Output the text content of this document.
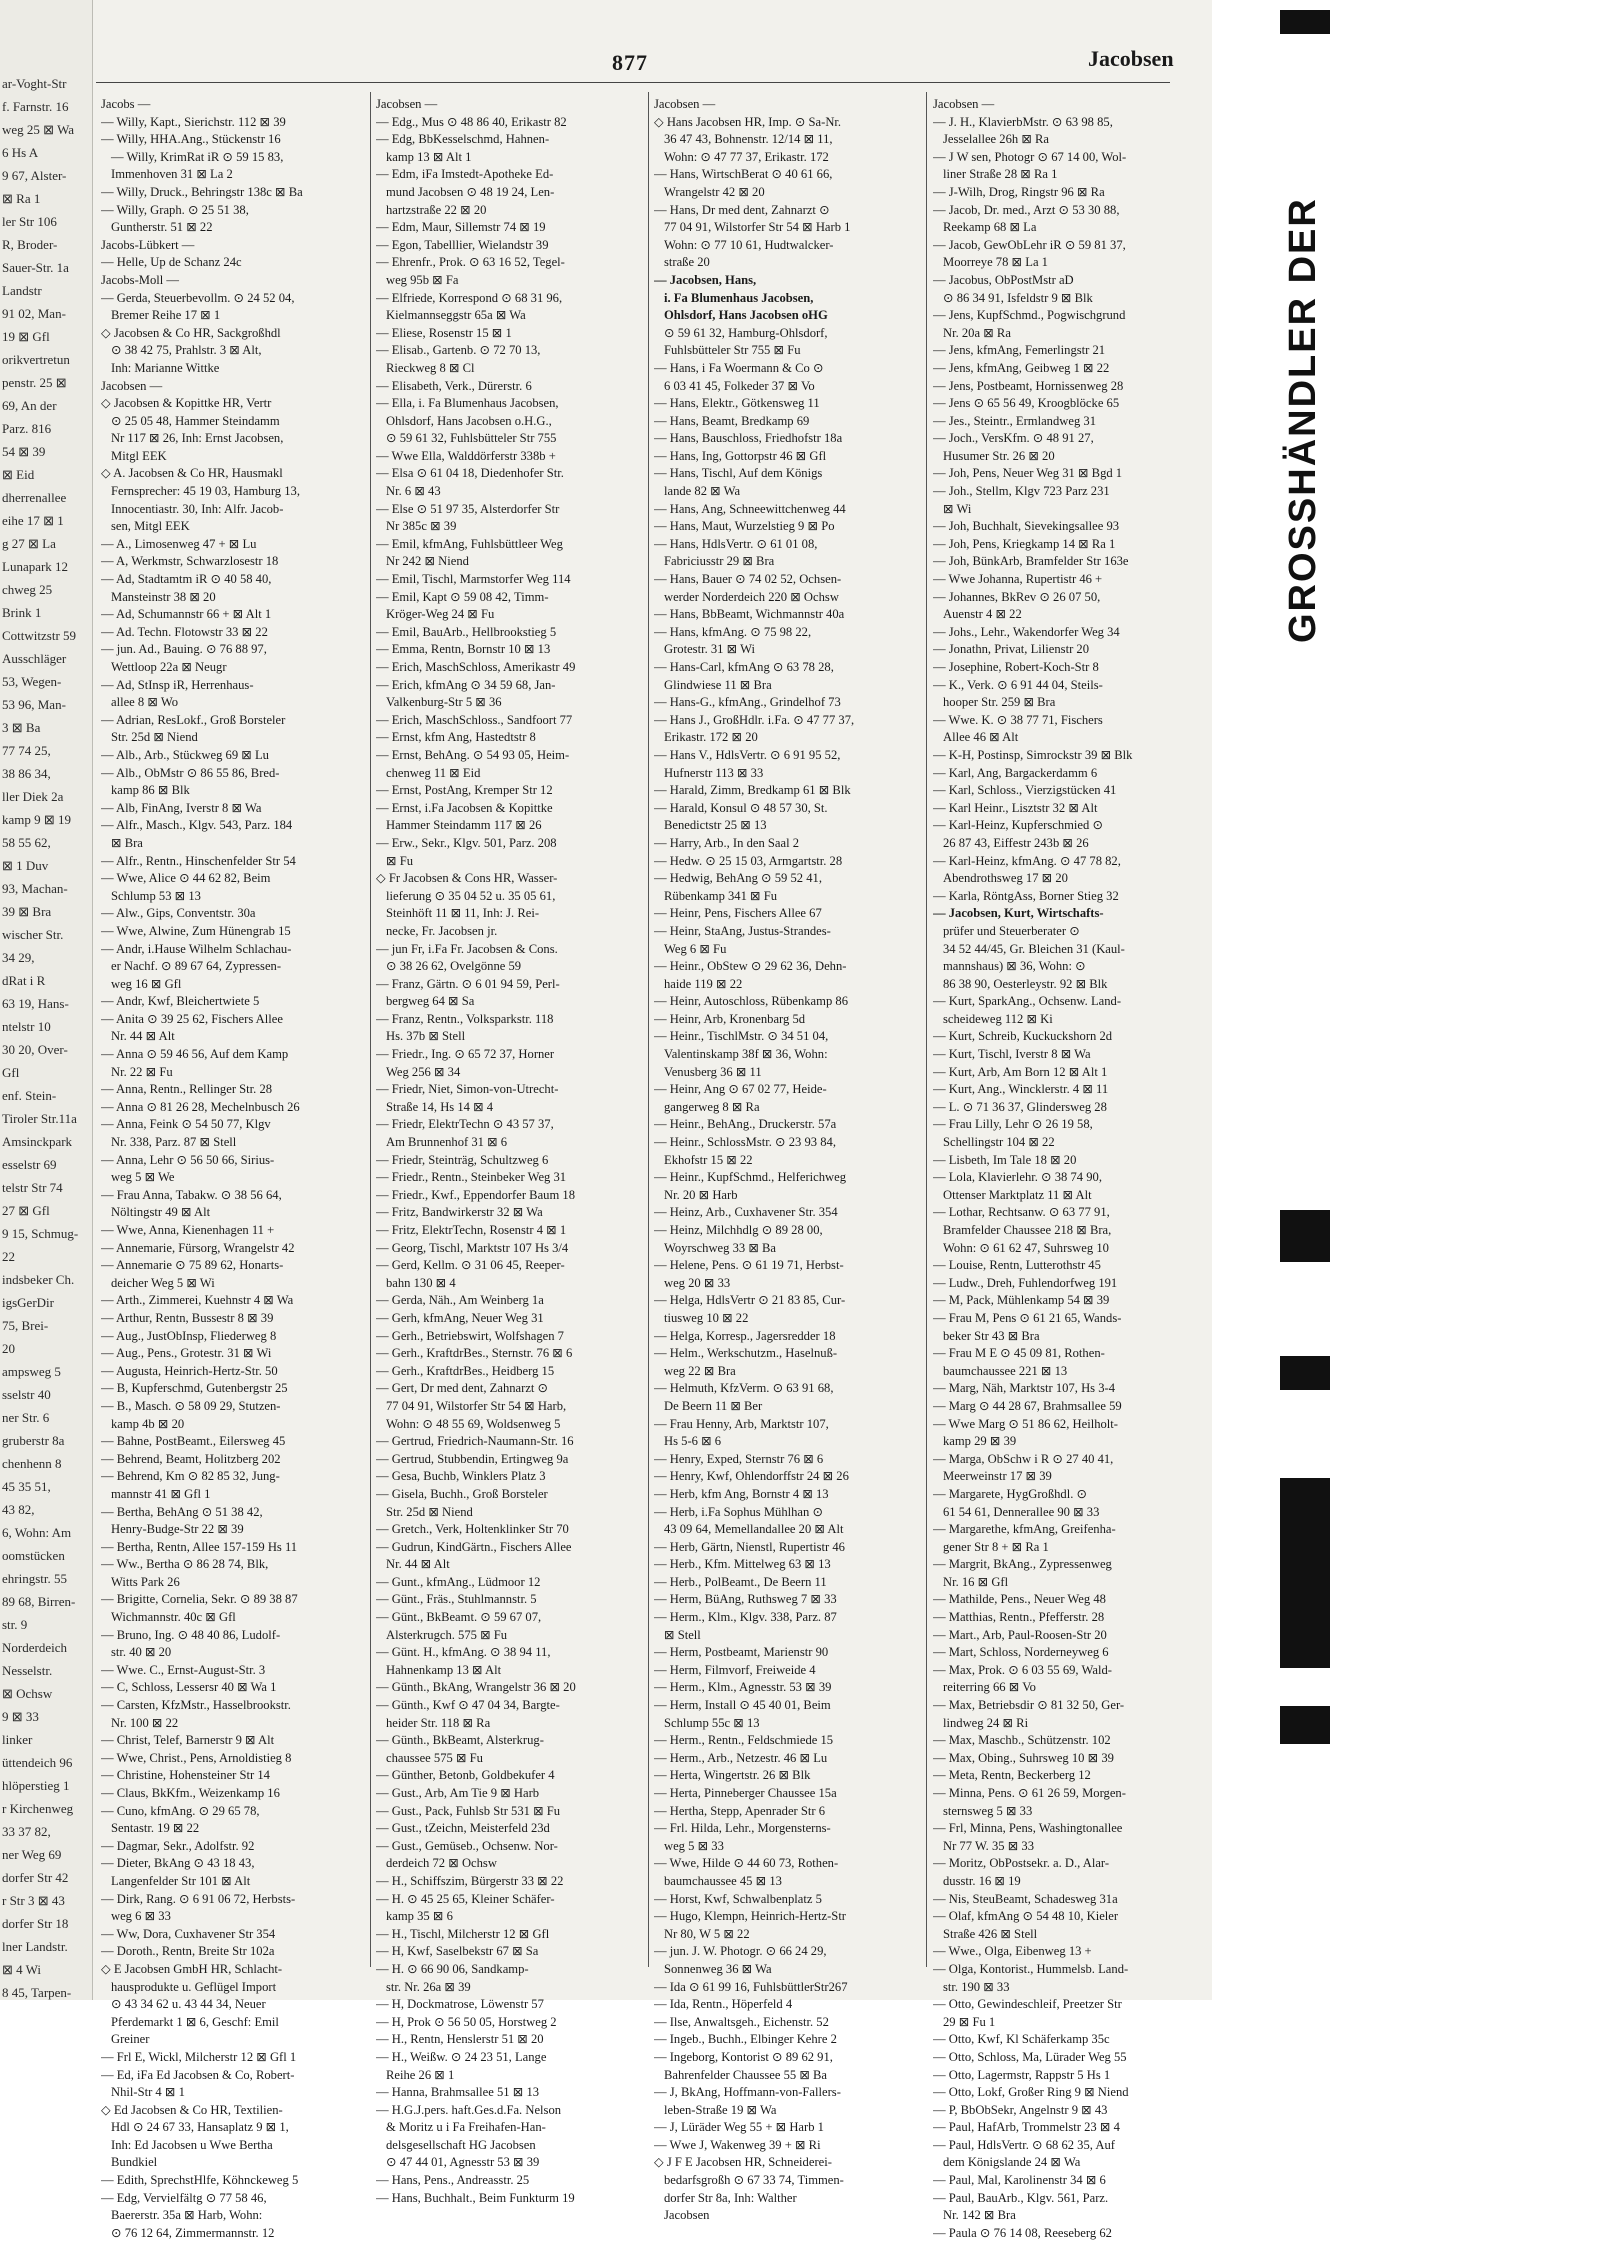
ar-Voght-Str
f. Farnstr. 16
weg 25 ⊠ Wa
6 Hs A
9 67, Alster-
⊠ Ra 1
ler Str 106
R, Broder-
Sauer-Str. 1a
Landstr
91 02, Man-
19 ⊠ Gfl
orikvertretun
penstr. 25 ⊠
69, An der
Parz. 816
54 ⊠ 39
⊠ Eid
dherrenallee
eihe 17 ⊠ 1
g 27 ⊠ La
Lunapark 12
chweg 25
Brink 1
Cottwitzstr 59
Ausschläger
53, Wegen-
53 96, Man-
3 ⊠ Ba
77 74 25,
38 86 34,
ller Diek 2a
kamp 9 ⊠ 19
58 55 62,
⊠ 1 Duv
93, Machan-
39 ⊠ Bra
wischer Str.
34 29,
dRat i R
63 19, Hans-
ntelstr 10
30 20, Over-
Gfl
enf. Stein-
Tiroler Str.11a
Amsinckpark
esselstr 69
telstr Str 74
27 ⊠ Gfl
9 15, Schmug-
22
indsbeker Ch.
igsGerDir
75, Brei-
20
ampsweg 5
sselstr 40
ner Str. 6
gruberstr 8a
chenhenn 8
45 35 51,
43 82,
6, Wohn: Am
oomstücken
ehringstr. 55
89 68, Birren-
str. 9
Norderdeich
Nesselstr.
⊠ Ochsw
9 ⊠ 33
linker
üttendeich 96
hlöperstieg 1
r Kirchenweg
33 37 82,
ner Weg 69
dorfer Str 42
r Str 3 ⊠ 43
dorfer Str 18
lner Landstr.
⊠ 4 Wi
8 45, Tarpen-
877	Jacobsen
Jacobs —
— Willy, Kapt., Sierichstr. 112 ⊠ 39
— Willy, HHA.Ang., Stückenstr 16
— Willy, KrimRat iR ⊙ 59 15 83,
Immenhoven 31 ⊠ La 2
— Willy, Druck., Behringstr 138c ⊠ Ba
— Willy, Graph. ⊙ 25 51 38,
Guntherstr. 51 ⊠ 22
Jacobs-Lübkert —
— Helle, Up de Schanz 24c
Jacobs-Moll —
— Gerda, Steuerbevollm. ⊙ 24 52 04,
Bremer Reihe 17 ⊠ 1
◇ Jacobsen & Co HR, Sackgroßhdl
⊙ 38 42 75, Prahlstr. 3 ⊠ Alt,
Inh: Marianne Wittke
Jacobsen —
◇ Jacobsen & Kopittke HR, Vertr
⊙ 25 05 48, Hammer Steindamm
Nr 117 ⊠ 26, Inh: Ernst Jacobsen,
Mitgl EEK
◇ A. Jacobsen & Co HR, Hausmakl
Fernsprecher: 45 19 03, Hamburg 13,
Innocentiastr. 30, Inh: Alfr. Jacob-
sen, Mitgl EEK
— A., Limosenweg 47 + ⊠ Lu
— A, Werkmstr, Schwarzlosestr 18
— Ad, Stadtamtm iR ⊙ 40 58 40,
Mansteinstr 38 ⊠ 20
— Ad, Schumannstr 66 + ⊠ Alt 1
— Ad. Techn. Flotowstr 33 ⊠ 22
— jun. Ad., Bauing. ⊙ 76 88 97,
Wettloop 22a ⊠ Neugr
— Ad, StInsp iR, Herrenhaus-
allee 8 ⊠ Wo
— Adrian, ResLokf., Groß Borsteler
Str. 25d ⊠ Niend
— Alb., Arb., Stückweg 69 ⊠ Lu
— Alb., ObMstr ⊙ 86 55 86, Bred-
kamp 86 ⊠ Blk
— Alb, FinAng, Iverstr 8 ⊠ Wa
— Alfr., Masch., Klgv. 543, Parz. 184
⊠ Bra
— Alfr., Rentn., Hinschenfelder Str 54
— Wwe, Alice ⊙ 44 62 82, Beim
Schlump 53 ⊠ 13
— Alw., Gips, Conventstr. 30a
— Wwe, Alwine, Zum Hünengrab 15
— Andr, i.Hause Wilhelm Schlachau-
er Nachf. ⊙ 89 67 64, Zypressen-
weg 16 ⊠ Gfl
— Andr, Kwf, Bleichertwiete 5
— Anita ⊙ 39 25 62, Fischers Allee
Nr. 44 ⊠ Alt
— Anna ⊙ 59 46 56, Auf dem Kamp
Nr. 22 ⊠ Fu
— Anna, Rentn., Rellinger Str. 28
— Anna ⊙ 81 26 28, Mechelnbusch 26
— Anna, Feink ⊙ 54 50 77, Klgv
Nr. 338, Parz. 87 ⊠ Stell
— Anna, Lehr ⊙ 56 50 66, Sirius-
weg 5 ⊠ We
— Frau Anna, Tabakw. ⊙ 38 56 64,
Nöltingstr 49 ⊠ Alt
— Wwe, Anna, Kienenhagen 11 +
— Annemarie, Fürsorg, Wrangelstr 42
— Annemarie ⊙ 75 89 62, Honarts-
deicher Weg 5 ⊠ Wi
— Arth., Zimmerei, Kuehnstr 4 ⊠ Wa
— Arthur, Rentn, Bussestr 8 ⊠ 39
— Aug., JustObInsp, Fliederweg 8
— Aug., Pens., Grotestr. 31 ⊠ Wi
— Augusta, Heinrich-Hertz-Str. 50
— B, Kupferschmd, Gutenbergstr 25
— B., Masch. ⊙ 58 09 29, Stutzen-
kamp 4b ⊠ 20
— Bahne, PostBeamt., Eilersweg 45
— Behrend, Beamt, Holitzberg 202
— Behrend, Km ⊙ 82 85 32, Jung-
mannstr 41 ⊠ Gfl 1
— Bertha, BehAng ⊙ 51 38 42,
Henry-Budge-Str 22 ⊠ 39
— Bertha, Rentn, Allee 157-159 Hs 11
— Ww., Bertha ⊙ 86 28 74, Blk,
Witts Park 26
— Brigitte, Cornelia, Sekr. ⊙ 89 38 87
Wichmannstr. 40c ⊠ Gfl
— Bruno, Ing. ⊙ 48 40 86, Ludolf-
str. 40 ⊠ 20
— Wwe. C., Ernst-August-Str. 3
— C, Schloss, Lessersr 40 ⊠ Wa 1
— Carsten, KfzMstr., Hasselbrookstr.
Nr. 100 ⊠ 22
— Christ, Telef, Barnerstr 9 ⊠ Alt
— Wwe, Christ., Pens, Arnoldistieg 8
— Christine, Hohensteiner Str 14
— Claus, BkKfm., Weizenkamp 16
— Cuno, kfmAng. ⊙ 29 65 78,
Sentastr. 19 ⊠ 22
— Dagmar, Sekr., Adolfstr. 92
— Dieter, BkAng ⊙ 43 18 43,
Langenfelder Str 101 ⊠ Alt
— Dirk, Rang. ⊙ 6 91 06 72, Herbsts-
weg 6 ⊠ 33
— Ww, Dora, Cuxhavener Str 354
— Doroth., Rentn, Breite Str 102a
◇ E Jacobsen GmbH HR, Schlacht-
hausprodukte u. Geflügel Import
⊙ 43 34 62 u. 43 44 34, Neuer
Pferdemarkt 1 ⊠ 6, Geschf: Emil
Greiner
— Frl E, Wickl, Milcherstr 12 ⊠ Gfl 1
— Ed, iFa Ed Jacobsen & Co, Robert-
Nhil-Str 4 ⊠ 1
◇ Ed Jacobsen & Co HR, Textilien-
Hdl ⊙ 24 67 33, Hansaplatz 9 ⊠ 1,
Inh: Ed Jacobsen u Wwe Bertha
Bundkiel
— Edith, SprechstHlfe, Köhnckeweg 5
— Edg, Vervielfältg ⊙ 77 58 46,
Baererstr. 35a ⊠ Harb, Wohn:
⊙ 76 12 64, Zimmermannstr. 12
Jacobsen —
— Edg., Mus ⊙ 48 86 40, Erikastr 82
— Edg, BbKesselschmd, Hahnen-
kamp 13 ⊠ Alt 1
— Edm, iFa Imstedt-Apotheke Ed-
mund Jacobsen ⊙ 48 19 24, Len-
hartzstraße 22 ⊠ 20
— Edm, Maur, Sillemstr 74 ⊠ 19
— Egon, Tabelllier, Wielandstr 39
— Ehrenfr., Prok. ⊙ 63 16 52, Tegel-
weg 95b ⊠ Fa
— Elfriede, Korrespond ⊙ 68 31 96,
Kielmannseggstr 65a ⊠ Wa
— Eliese, Rosenstr 15 ⊠ 1
— Elisab., Gartenb. ⊙ 72 70 13,
Rieckweg 8 ⊠ Cl
— Elisabeth, Verk., Dürerstr. 6
— Ella, i. Fa Blumenhaus Jacobsen,
Ohlsdorf, Hans Jacobsen o.H.G.,
⊙ 59 61 32, Fuhlsbütteler Str 755
— Wwe Ella, Walddörferstr 338b +
— Elsa ⊙ 61 04 18, Diedenhofer Str.
Nr. 6 ⊠ 43
— Else ⊙ 51 97 35, Alsterdorfer Str
Nr 385c ⊠ 39
— Emil, kfmAng, Fuhlsbüttleer Weg
Nr 242 ⊠ Niend
— Emil, Tischl, Marmstorfer Weg 114
— Emil, Kapt ⊙ 59 08 42, Timm-
Kröger-Weg 24 ⊠ Fu
— Emil, BauArb., Hellbrookstieg 5
— Emma, Rentn, Bornstr 10 ⊠ 13
— Erich, MaschSchloss, Amerikastr 49
— Erich, kfmAng ⊙ 34 59 68, Jan-
Valkenburg-Str 5 ⊠ 36
— Erich, MaschSchloss., Sandfoort 77
— Ernst, kfm Ang, Hastedtstr 8
— Ernst, BehAng. ⊙ 54 93 05, Heim-
chenweg 11 ⊠ Eid
— Ernst, PostAng, Kremper Str 12
— Ernst, i.Fa Jacobsen & Kopittke
Hammer Steindamm 117 ⊠ 26
— Erw., Sekr., Klgv. 501, Parz. 208
⊠ Fu
◇ Fr Jacobsen & Cons HR, Wasser-
lieferung ⊙ 35 04 52 u. 35 05 61,
Steinhöft 11 ⊠ 11, Inh: J. Rei-
necke, Fr. Jacobsen jr.
— jun Fr, i.Fa Fr. Jacobsen & Cons.
⊙ 38 26 62, Ovelgönne 59
— Franz, Gärtn. ⊙ 6 01 94 59, Perl-
bergweg 64 ⊠ Sa
— Franz, Rentn., Volksparkstr. 118
Hs. 37b ⊠ Stell
— Friedr., Ing. ⊙ 65 72 37, Horner
Weg 256 ⊠ 34
— Friedr, Niet, Simon-von-Utrecht-
Straße 14, Hs 14 ⊠ 4
— Friedr, ElektrTechn ⊙ 43 57 37,
Am Brunnenhof 31 ⊠ 6
— Friedr, Steinträg, Schultzweg 6
— Friedr., Rentn., Steinbeker Weg 31
— Friedr., Kwf., Eppendorfer Baum 18
— Fritz, Bandwirkerstr 32 ⊠ Wa
— Fritz, ElektrTechn, Rosenstr 4 ⊠ 1
— Georg, Tischl, Marktstr 107 Hs 3/4
— Gerd, Kellm. ⊙ 31 06 45, Reeper-
bahn 130 ⊠ 4
— Gerda, Näh., Am Weinberg 1a
— Gerh, kfmAng, Neuer Weg 31
— Gerh., Betriebswirt, Wolfshagen 7
— Gerh., KraftdrBes., Sternstr. 76 ⊠ 6
— Gerh., KraftdrBes., Heidberg 15
— Gert, Dr med dent, Zahnarzt ⊙
77 04 91, Wilstorfer Str 54 ⊠ Harb,
Wohn: ⊙ 48 55 69, Woldsenweg 5
— Gertrud, Friedrich-Naumann-Str. 16
— Gertrud, Stubbendin, Ertingweg 9a
— Gesa, Buchb, Winklers Platz 3
— Gisela, Buchh., Groß Borsteler
Str. 25d ⊠ Niend
— Gretch., Verk, Holtenklinker Str 70
— Gudrun, KindGärtn., Fischers Allee
Nr. 44 ⊠ Alt
— Gunt., kfmAng., Lüdmoor 12
— Günt., Fräs., Stuhlmannstr. 5
— Günt., BkBeamt. ⊙ 59 67 07,
Alsterkrugch. 575 ⊠ Fu
— Günt. H., kfmAng. ⊙ 38 94 11,
Hahnenkamp 13 ⊠ Alt
— Günth., BkAng, Wrangelstr 36 ⊠ 20
— Günth., Kwf ⊙ 47 04 34, Bargte-
heider Str. 118 ⊠ Ra
— Günth., BkBeamt, Alsterkrug-
chaussee 575 ⊠ Fu
— Günther, Betonb, Goldbekufer 4
— Gust., Arb, Am Tie 9 ⊠ Harb
— Gust., Pack, Fuhlsb Str 531 ⊠ Fu
— Gust., tZeichn, Meisterfeld 23d
— Gust., Gemüseb., Ochsenw. Nor-
derdeich 72 ⊠ Ochsw
— H., Schiffszim, Bürgerstr 33 ⊠ 22
— H. ⊙ 45 25 65, Kleiner Schäfer-
kamp 35 ⊠ 6
— H., Tischl, Milcherstr 12 ⊠ Gfl
— H, Kwf, Saselbekstr 67 ⊠ Sa
— H. ⊙ 66 90 06, Sandkamp-
str. Nr. 26a ⊠ 39
— H, Dockmatrose, Löwenstr 57
— H, Prok ⊙ 56 50 05, Horstweg 2
— H., Rentn, Henslerstr 51 ⊠ 20
— H., Weißw. ⊙ 24 23 51, Lange
Reihe 26 ⊠ 1
— Hanna, Brahmsallee 51 ⊠ 13
— H.G.J.pers. haft.Ges.d.Fa. Nelson
& Moritz u i Fa Freihafen-Han-
delsgesellschaft HG Jacobsen
⊙ 47 44 01, Agnesstr 53 ⊠ 39
— Hans, Pens., Andreasstr. 25
— Hans, Buchhalt., Beim Funkturm 19
Jacobsen —
◇ Hans Jacobsen HR, Imp. ⊙ Sa-Nr.
36 47 43, Bohnenstr. 12/14 ⊠ 11,
Wohn: ⊙ 47 77 37, Erikastr. 172
— Hans, WirtschBerat ⊙ 40 61 66,
Wrangelstr 42 ⊠ 20
— Hans, Dr med dent, Zahnarzt ⊙
77 04 91, Wilstorfer Str 54 ⊠ Harb 1
Wohn: ⊙ 77 10 61, Hudtwalcker-
straße 20
— Jacobsen, Hans,
i. Fa Blumenhaus Jacobsen,
Ohlsdorf, Hans Jacobsen oHG
⊙ 59 61 32, Hamburg-Ohlsdorf,
Fuhlsbütteler Str 755 ⊠ Fu
— Hans, i Fa Woermann & Co ⊙
6 03 41 45, Folkeder 37 ⊠ Vo
— Hans, Elektr., Götkensweg 11
— Hans, Beamt, Bredkamp 69
— Hans, Bauschloss, Friedhofstr 18a
— Hans, Ing, Gottorpstr 46 ⊠ Gfl
— Hans, Tischl, Auf dem Königs
lande 82 ⊠ Wa
— Hans, Ang, Schneewittchenweg 44
— Hans, Maut, Wurzelstieg 9 ⊠ Po
— Hans, HdlsVertr. ⊙ 61 01 08,
Fabriciusstr 29 ⊠ Bra
— Hans, Bauer ⊙ 74 02 52, Ochsen-
werder Norderdeich 220 ⊠ Ochsw
— Hans, BbBeamt, Wichmannstr 40a
— Hans, kfmAng. ⊙ 75 98 22,
Grotestr. 31 ⊠ Wi
— Hans-Carl, kfmAng ⊙ 63 78 28,
Glindwiese 11 ⊠ Bra
— Hans-G., kfmAng., Grindelhof 73
— Hans J., GroßHdlr. i.Fa. ⊙ 47 77 37,
Erikastr. 172 ⊠ 20
— Hans V., HdlsVertr. ⊙ 6 91 95 52,
Hufnerstr 113 ⊠ 33
— Harald, Zimm, Bredkamp 61 ⊠ Blk
— Harald, Konsul ⊙ 48 57 30, St.
Benedictstr 25 ⊠ 13
— Harry, Arb., In den Saal 2
— Hedw. ⊙ 25 15 03, Armgartstr. 28
— Hedwig, BehAng ⊙ 59 52 41,
Rübenkamp 341 ⊠ Fu
— Heinr, Pens, Fischers Allee 67
— Heinr, StaAng, Justus-Strandes-
Weg 6 ⊠ Fu
— Heinr., ObStew ⊙ 29 62 36, Dehn-
haide 119 ⊠ 22
— Heinr, Autoschloss, Rübenkamp 86
— Heinr, Arb, Kronenbarg 5d
— Heinr., TischlMstr. ⊙ 34 51 04,
Valentinskamp 38f ⊠ 36, Wohn:
Venusberg 36 ⊠ 11
— Heinr, Ang ⊙ 67 02 77, Heide-
gangerweg 8 ⊠ Ra
— Heinr., BehAng., Druckerstr. 57a
— Heinr., SchlossMstr. ⊙ 23 93 84,
Ekhofstr 15 ⊠ 22
— Heinr., KupfSchmd., Helferichweg
Nr. 20 ⊠ Harb
— Heinz, Arb., Cuxhavener Str. 354
— Heinz, Milchhdlg ⊙ 89 28 00,
Woyrschweg 33 ⊠ Ba
— Helene, Pens. ⊙ 61 19 71, Herbst-
weg 20 ⊠ 33
— Helga, HdlsVertr ⊙ 21 83 85, Cur-
tiusweg 10 ⊠ 22
— Helga, Korresp., Jagersredder 18
— Helm., Werkschutzm., Haselnuß-
weg 22 ⊠ Bra
— Helmuth, KfzVerm. ⊙ 63 91 68,
De Beern 11 ⊠ Ber
— Frau Henny, Arb, Marktstr 107,
Hs 5-6 ⊠ 6
— Henry, Exped, Sternstr 76 ⊠ 6
— Henry, Kwf, Ohlendorffstr 24 ⊠ 26
— Herb, kfm Ang, Bornstr 4 ⊠ 13
— Herb, i.Fa Sophus Mühlhan ⊙
43 09 64, Memellandallee 20 ⊠ Alt
— Herb, Gärtn, Nienstl, Rupertistr 46
— Herb., Kfm. Mittelweg 63 ⊠ 13
— Herb., PolBeamt., De Beern 11
— Herm, BüAng, Ruthsweg 7 ⊠ 33
— Herm., Klm., Klgv. 338, Parz. 87
⊠ Stell
— Herm, Postbeamt, Marienstr 90
— Herm, Filmvorf, Freiweide 4
— Herm., Klm., Agnesstr. 53 ⊠ 39
— Herm, Install ⊙ 45 40 01, Beim
Schlump 55c ⊠ 13
— Herm., Rentn., Feldschmiede 15
— Herm., Arb., Netzestr. 46 ⊠ Lu
— Herta, Wingertstr. 26 ⊠ Blk
— Herta, Pinneberger Chaussee 15a
— Hertha, Stepp, Apenrader Str 6
— Frl. Hilda, Lehr., Morgensterns-
weg 5 ⊠ 33
— Wwe, Hilde ⊙ 44 60 73, Rothen-
baumchaussee 45 ⊠ 13
— Horst, Kwf, Schwalbenplatz 5
— Hugo, Klempn, Heinrich-Hertz-Str
Nr 80, W 5 ⊠ 22
— jun. J. W. Photogr. ⊙ 66 24 29,
Sonnenweg 36 ⊠ Wa
— Ida ⊙ 61 99 16, FuhlsbüttlerStr267
— Ida, Rentn., Höperfeld 4
— Ilse, Anwaltsgeh., Eichenstr. 52
— Ingeb., Buchh., Elbinger Kehre 2
— Ingeborg, Kontorist ⊙ 89 62 91,
Bahrenfelder Chaussee 55 ⊠ Ba
— J, BkAng, Hoffmann-von-Fallers-
leben-Straße 19 ⊠ Wa
— J, Lüräder Weg 55 + ⊠ Harb 1
— Wwe J, Wakenweg 39 + ⊠ Ri
◇ J F E Jacobsen HR, Schneiderei-
bedarfsgroßh ⊙ 67 33 74, Timmen-
dorfer Str 8a, Inh: Walther
Jacobsen
Jacobsen —
— J. H., KlavierbMstr. ⊙ 63 98 85,
Jesselallee 26h ⊠ Ra
— J W sen, Photogr ⊙ 67 14 00, Wol-
liner Straße 28 ⊠ Ra 1
— J-Wilh, Drog, Ringstr 96 ⊠ Ra
— Jacob, Dr. med., Arzt ⊙ 53 30 88,
Reekamp 68 ⊠ La
— Jacob, GewObLehr iR ⊙ 59 81 37,
Moorreye 78 ⊠ La 1
— Jacobus, ObPostMstr aD
⊙ 86 34 91, Isfeldstr 9 ⊠ Blk
— Jens, KupfSchmd., Pogwischgrund
Nr. 20a ⊠ Ra
— Jens, kfmAng, Femerlingstr 21
— Jens, kfmAng, Geibweg 1 ⊠ 22
— Jens, Postbeamt, Hornissenweg 28
— Jens ⊙ 65 56 49, Kroogblöcke 65
— Jes., Steintr., Ermlandweg 31
— Joch., VersKfm. ⊙ 48 91 27,
Husumer Str. 26 ⊠ 20
— Joh, Pens, Neuer Weg 31 ⊠ Bgd 1
— Joh., Stellm, Klgv 723 Parz 231
⊠ Wi
— Joh, Buchhalt, Sievekingsallee 93
— Joh, Pens, Kriegkamp 14 ⊠ Ra 1
— Joh, BünkArb, Bramfelder Str 163e
— Wwe Johanna, Rupertistr 46 +
— Johannes, BkRev ⊙ 26 07 50,
Auenstr 4 ⊠ 22
— Johs., Lehr., Wakendorfer Weg 34
— Jonathn, Privat, Lilienstr 20
— Josephine, Robert-Koch-Str 8
— K., Verk. ⊙ 6 91 44 04, Steils-
hooper Str. 259 ⊠ Bra
— Wwe. K. ⊙ 38 77 71, Fischers
Allee 46 ⊠ Alt
— K-H, Postinsp, Simrockstr 39 ⊠ Blk
— Karl, Ang, Bargackerdamm 6
— Karl, Schloss., Vierzigstücken 41
— Karl Heinr., Lisztstr 32 ⊠ Alt
— Karl-Heinz, Kupferschmied ⊙
26 87 43, Eiffestr 243b ⊠ 26
— Karl-Heinz, kfmAng. ⊙ 47 78 82,
Abendrothsweg 17 ⊠ 20
— Karla, RöntgAss, Borner Stieg 32
— Jacobsen, Kurt, Wirtschafts-
prüfer und Steuerberater ⊙
34 52 44/45, Gr. Bleichen 31 (Kaul-
mannshaus) ⊠ 36, Wohn: ⊙
86 38 90, Oesterleystr. 92 ⊠ Blk
— Kurt, SparkAng., Ochsenw. Land-
scheideweg 112 ⊠ Ki
— Kurt, Schreib, Kuckuckshorn 2d
— Kurt, Tischl, Iverstr 8 ⊠ Wa
— Kurt, Arb, Am Born 12 ⊠ Alt 1
— Kurt, Ang., Wincklerstr. 4 ⊠ 11
— L. ⊙ 71 36 37, Glindersweg 28
— Frau Lilly, Lehr ⊙ 26 19 58,
Schellingstr 104 ⊠ 22
— Lisbeth, Im Tale 18 ⊠ 20
— Lola, Klavierlehr. ⊙ 38 74 90,
Ottenser Marktplatz 11 ⊠ Alt
— Lothar, Rechtsanw. ⊙ 63 77 91,
Bramfelder Chaussee 218 ⊠ Bra,
Wohn: ⊙ 61 62 47, Suhrsweg 10
— Louise, Rentn, Lutterothstr 45
— Ludw., Dreh, Fuhlendorfweg 191
— M, Pack, Mühlenkamp 54 ⊠ 39
— Frau M, Pens ⊙ 61 21 65, Wands-
beker Str 43 ⊠ Bra
— Frau M E ⊙ 45 09 81, Rothen-
baumchaussee 221 ⊠ 13
— Marg, Näh, Marktstr 107, Hs 3-4
— Marg ⊙ 44 28 67, Brahmsallee 59
— Wwe Marg ⊙ 51 86 62, Heilholt-
kamp 29 ⊠ 39
— Marga, ObSchw i R ⊙ 27 40 41,
Meerweinstr 17 ⊠ 39
— Margarete, HygGroßhdl. ⊙
61 54 61, Dennerallee 90 ⊠ 33
— Margarethe, kfmAng, Greifenha-
gener Str 8 + ⊠ Ra 1
— Margrit, BkAng., Zypressenweg
Nr. 16 ⊠ Gfl
— Mathilde, Pens., Neuer Weg 48
— Matthias, Rentn., Pfefferstr. 28
— Mart., Arb, Paul-Roosen-Str 20
— Mart, Schloss, Norderneyweg 6
— Max, Prok. ⊙ 6 03 55 69, Wald-
reiterring 66 ⊠ Vo
— Max, Betriebsdir ⊙ 81 32 50, Ger-
lindweg 24 ⊠ Ri
— Max, Maschb., Schützenstr. 102
— Max, Obing., Suhrsweg 10 ⊠ 39
— Meta, Rentn, Beckerberg 12
— Minna, Pens. ⊙ 61 26 59, Morgen-
sternsweg 5 ⊠ 33
— Frl, Minna, Pens, Washingtonallee
Nr 77 W. 35 ⊠ 33
— Moritz, ObPostsekr. a. D., Alar-
dusstr. 16 ⊠ 19
— Nis, SteuBeamt, Schadesweg 31a
— Olaf, kfmAng ⊙ 54 48 10, Kieler
Straße 426 ⊠ Stell
— Wwe., Olga, Eibenweg 13 +
— Olga, Kontorist., Hummelsb. Land-
str. 190 ⊠ 33
— Otto, Gewindeschleif, Preetzer Str
29 ⊠ Fu 1
— Otto, Kwf, Kl Schäferkamp 35c
— Otto, Schloss, Ma, Lürader Weg 55
— Otto, Lagermstr, Rappstr 5 Hs 1
— Otto, Lokf, Großer Ring 9 ⊠ Niend
— P, BbObSekr, Angelnstr 9 ⊠ 43
— Paul, HafArb, Trommelstr 23 ⊠ 4
— Paul, HdlsVertr. ⊙ 68 62 35, Auf
dem Königslande 24 ⊠ Wa
— Paul, Mal, Karolinenstr 34 ⊠ 6
— Paul, BauArb., Klgv. 561, Parz.
Nr. 142 ⊠ Bra
— Paula ⊙ 76 14 08, Reeseberg 62
GROSSHÄNDLER DER
